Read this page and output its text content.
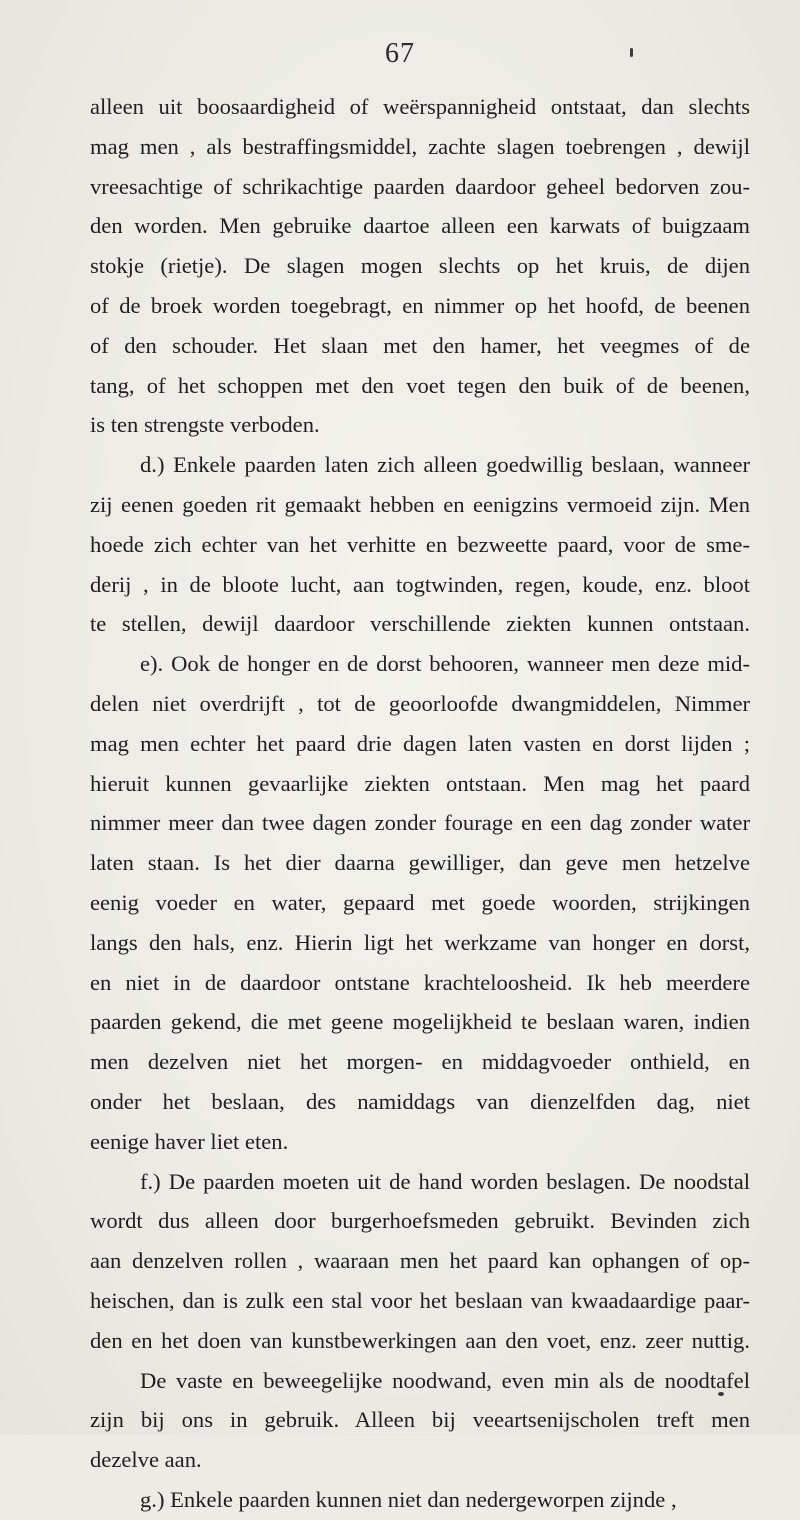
67
alleen uit boosaardigheid of weërspannigheid ontstaat, dan slechts
mag men , als bestraffingsmiddel, zachte slagen toebrengen , dewijl
vreesachtige of schrikachtige paarden daardoor geheel bedorven zou-
den worden. Men gebruike daartoe alleen een karwats of buigzaam
stokje (rietje). De slagen mogen slechts op het kruis, de dijen
of de broek worden toegebragt, en nimmer op het hoofd, de beenen
of den schouder. Het slaan met den hamer, het veegmes of de
tang, of het schoppen met den voet tegen den buik of de beenen,
is ten strengste verboden.
d.) Enkele paarden laten zich alleen goedwillig beslaan, wanneer
zij eenen goeden rit gemaakt hebben en eenigzins vermoeid zijn. Men
hoede zich echter van het verhitte en bezweette paard, voor de sme-
derij , in de bloote lucht, aan togtwinden, regen, koude, enz. bloot
te stellen, dewijl daardoor verschillende ziekten kunnen ontstaan.
e). Ook de honger en de dorst behooren, wanneer men deze mid-
delen niet overdrijft , tot de geoorloofde dwangmiddelen, Nimmer
mag men echter het paard drie dagen laten vasten en dorst lijden ;
hieruit kunnen gevaarlijke ziekten ontstaan. Men mag het paard
nimmer meer dan twee dagen zonder fourage en een dag zonder water
laten staan. Is het dier daarna gewilliger, dan geve men hetzelve
eenig voeder en water, gepaard met goede woorden, strijkingen
langs den hals, enz. Hierin ligt het werkzame van honger en dorst,
en niet in de daardoor ontstane krachteloosheid. Ik heb meerdere
paarden gekend, die met geene mogelijkheid te beslaan waren, indien
men dezelven niet het morgen- en middagvoeder onthield, en
onder het beslaan, des namiddags van dienzelfden dag, niet
eenige haver liet eten.
f.) De paarden moeten uit de hand worden beslagen. De noodstal
wordt dus alleen door burgerhoefsmeden gebruikt. Bevinden zich
aan denzelven rollen , waaraan men het paard kan ophangen of op-
heischen, dan is zulk een stal voor het beslaan van kwaadaardige paar-
den en het doen van kunstbewerkingen aan den voet, enz. zeer nuttig.
De vaste en beweegelijke noodwand, even min als de noodtafel
zijn bij ons in gebruik. Alleen bij veeartsenijscholen treft men
dezelve aan.
g.) Enkele paarden kunnen niet dan nedergeworpen zijnde ,
